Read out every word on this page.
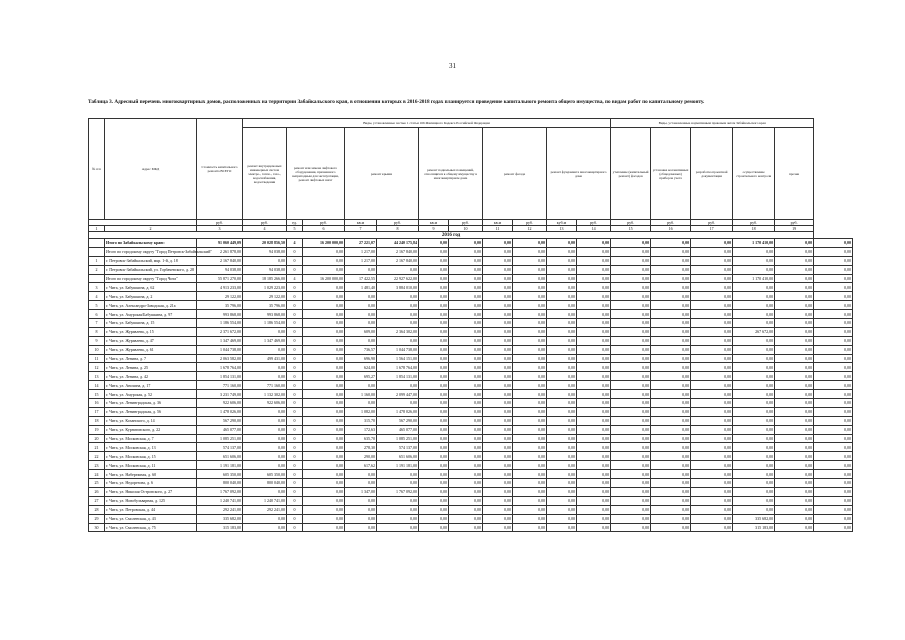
31
Таблица 3. Адресный перечень многоквартирных домов, расположенных на территории Забайкальского края, в отношении которых в 2016-2018 годах планируется проведение капитального ремонта общего имущества, по видам работ по капитальному ремонту.
№ п/п	Адрес МКД	Стоимость капитального ремонта ВСЕГО	Виды, установленные частью 1 статьи 166 Жилищного Кодекса Российской Федерации											Виды, установленные нормативным правовым актом Забайкальского края					
			ремонт внутридомовых инженерных систем электро-, тепло-, газо-, водоснабжения, водоотведения	ремонт или замена лифтового оборудования, признанного непригодным для эксплуатации, ремонт лифтовых шахт		ремонт крыши		ремонт подвальных помещений, относящихся к общему имуществу в многоквартирном доме		ремонт фасада		ремонт фундамента многоквартирного дома		утепление (капитальный ремонт) фасадов	установка коллективных (общедомовых) приборов учета	разработка проектной документации	осуществление строительного контроля	прочие	
		руб.	руб.	ед.	руб.	кв.м	руб.	кв.м	руб.	кв.м	руб.	куб.м	руб.	руб.	руб.	руб.	руб.	руб.	
1	2	3	4	5	6	7	8	9	10	11	12	13	14	15	16	17	18	19	
2016 год																			
	Итого по Забайкальскому краю:	91 060 449,09	20 028 856,50	4	16 200 000,00	27 221,07	44 240 175,84	0,00	0,00	0,00	0,00	0,00	0,00	0,00	0,00	0,00	1 170 410,00	0,00	0,00
	Итого по городскому округу "Город Петровск-Забайкальский"	2 261 878,00	94 038,00	0	0,00	1 217,00	2 167 840,00	0,00	0,00	0,00	0,00	0,00	0,00	0,00	0,00	0,00	0,00	0,00	0,00
1	г. Петровск-Забайкальский, мкр. 1-й, д. 18	2 167 840,00	0,00	0	0,00	1 217,00	2 167 840,00	0,00	0,00	0,00	0,00	0,00	0,00	0,00	0,00	0,00	0,00	0,00	0,00
2	г. Петровск-Забайкальский, ул. Горбачевского, д. 28	94 038,00	94 038,00	0	0,00	0,00	0,00	0,00	0,00	0,00	0,00	0,00	0,00	0,00	0,00	0,00	0,00	0,00	0,00
	Итого по городскому округу "Город Чита"	55 871 270,00	18 185 266,00	4	16 200 000,00	17 422,55	22 927 622,00	0,00	0,00	0,00	0,00	0,00	0,00	0,00	0,00	0,00	1 170 410,00	0,00	0,00
3	г. Чита, ул. Бабушкина, д. 62	4 913 233,00	1 029 223,00	0	0,00	1 481,40	3 884 010,00	0,00	0,00	0,00	0,00	0,00	0,00	0,00	0,00	0,00	0,00	0,00	0,00
4	г. Чита, ул. Бабушкина, д. 2	29 122,00	29 122,00	0	0,00	0,00	0,00	0,00	0,00	0,00	0,00	0,00	0,00	0,00	0,00	0,00	0,00	0,00	0,00
5	г. Чита, ул. Александро-Заводская, д. 21а	35 796,00	35 796,00	0	0,00	0,00	0,00	0,00	0,00	0,00	0,00	0,00	0,00	0,00	0,00	0,00	0,00	0,00	0,00
6	г. Чита, ул. Амурская/Бабушкина, д. 97	993 868,00	993 868,00	0	0,00	0,00	0,00	0,00	0,00	0,00	0,00	0,00	0,00	0,00	0,00	0,00	0,00	0,00	0,00
7	г. Чита, ул. Бабушкина, д. 15	1 186 554,00	1 186 554,00	0	0,00	0,00	0,00	0,00	0,00	0,00	0,00	0,00	0,00	0,00	0,00	0,00	0,00	0,00	0,00
8	г. Чита, ул. Журавлева, д. 15	2 371 672,00	0,00	0	0,00	609,00	2 364 302,00	0,00	0,00	0,00	0,00	0,00	0,00	0,00	0,00	0,00	267 672,00	0,00	0,00
9	г. Чита, ул. Журавлева, д. 47	1 347 469,00	1 347 469,00	0	0,00	0,00	0,00	0,00	0,00	0,00	0,00	0,00	0,00	0,00	0,00	0,00	0,00	0,00	0,00
10	г. Чита, ул. Журавлева, д. 61	1 044 738,00	0,00	0	0,00	736,57	1 044 738,00	0,00	0,00	0,00	0,00	0,00	0,00	0,00	0,00	0,00	0,00	0,00	0,00
11	г. Чита, ул. Ленина, д. 7	2 063 582,00	499 431,00	0	0,00	696,90	1 564 151,00	0,00	0,00	0,00	0,00	0,00	0,00	0,00	0,00	0,00	0,00	0,00	0,00
12	г. Чита, ул. Ленина, д. 25	1 678 764,00	0,00	0	0,00	624,00	1 678 764,00	0,00	0,00	0,00	0,00	0,00	0,00	0,00	0,00	0,00	0,00	0,00	0,00
13	г. Чита, ул. Ленина, д. 42	1 854 131,00	0,00	0	0,00	695,27	1 854 131,00	0,00	0,00	0,00	0,00	0,00	0,00	0,00	0,00	0,00	0,00	0,00	0,00
14	г. Чита, ул. Анохина, д. 17	771 160,00	771 160,00	0	0,00	0,00	0,00	0,00	0,00	0,00	0,00	0,00	0,00	0,00	0,00	0,00	0,00	0,00	0,00
15	г. Чита, ул. Амурская, д. 52	3 231 749,00	1 132 302,00	0	0,00	1 160,00	2 099 447,00	0,00	0,00	0,00	0,00	0,00	0,00	0,00	0,00	0,00	0,00	0,00	0,00
16	г. Чита, ул. Ленинградская, д. 36	922 606,00	922 606,00	0	0,00	0,00	0,00	0,00	0,00	0,00	0,00	0,00	0,00	0,00	0,00	0,00	0,00	0,00	0,00
17	г. Чита, ул. Ленинградская, д. 56	1 478 026,00	0,00	0	0,00	1 082,00	1 478 026,00	0,00	0,00	0,00	0,00	0,00	0,00	0,00	0,00	0,00	0,00	0,00	0,00
18	г. Чита, ул. Коханского, д. 14	567 290,00	0,00	0	0,00	315,70	567 290,00	0,00	0,00	0,00	0,00	0,00	0,00	0,00	0,00	0,00	0,00	0,00	0,00
19	г. Чита, ул. Курнатовского, д. 22	465 077,00	0,00	0	0,00	172,63	465 077,00	0,00	0,00	0,00	0,00	0,00	0,00	0,00	0,00	0,00	0,00	0,00	0,00
20	г. Чита, ул. Московская, д. 7	1 085 251,00	0,00	0	0,00	635,70	1 085 251,00	0,00	0,00	0,00	0,00	0,00	0,00	0,00	0,00	0,00	0,00	0,00	0,00
21	г. Чита, ул. Московская, д. 13	574 137,00	0,00	0	0,00	278,30	574 137,00	0,00	0,00	0,00	0,00	0,00	0,00	0,00	0,00	0,00	0,00	0,00	0,00
22	г. Чита, ул. Московская, д. 15	651 606,00	0,00	0	0,00	290,00	651 606,00	0,00	0,00	0,00	0,00	0,00	0,00	0,00	0,00	0,00	0,00	0,00	0,00
23	г. Чита, ул. Московская, д. 11	1 191 181,00	0,00	0	0,00	617,62	1 191 181,00	0,00	0,00	0,00	0,00	0,00	0,00	0,00	0,00	0,00	0,00	0,00	0,00
24	г. Чита, ул. Набережная, д. 60	605 350,00	605 350,00	0	0,00	0,00	0,00	0,00	0,00	0,00	0,00	0,00	0,00	0,00	0,00	0,00	0,00	0,00	0,00
25	г. Чита, ул. Недорезова, д. 6	800 040,00	800 040,00	0	0,00	0,00	0,00	0,00	0,00	0,00	0,00	0,00	0,00	0,00	0,00	0,00	0,00	0,00	0,00
26	г. Чита, ул. Николая Островского, д. 27	1 767 092,00	0,00	0	0,00	1 347,00	1 767 092,00	0,00	0,00	0,00	0,00	0,00	0,00	0,00	0,00	0,00	0,00	0,00	0,00
27	г. Чита, ул. Новобульварная, д. 125	1 240 741,00	1 240 741,00	0	0,00	0,00	0,00	0,00	0,00	0,00	0,00	0,00	0,00	0,00	0,00	0,00	0,00	0,00	0,00
28	г. Чита, ул. Петровская, д. 44	292 241,00	292 241,00	0	0,00	0,00	0,00	0,00	0,00	0,00	0,00	0,00	0,00	0,00	0,00	0,00	0,00	0,00	0,00
29	г. Чита, ул. Смоленская, д. 43	335 682,00	0,00	0	0,00	0,00	0,00	0,00	0,00	0,00	0,00	0,00	0,00	0,00	0,00	0,00	335 682,00	0,00	0,00
30	г. Чита, ул. Смоленская, д. 75	315 183,00	0,00	0	0,00	0,00	0,00	0,00	0,00	0,00	0,00	0,00	0,00	0,00	0,00	0,00	315 183,00	0,00	0,00
